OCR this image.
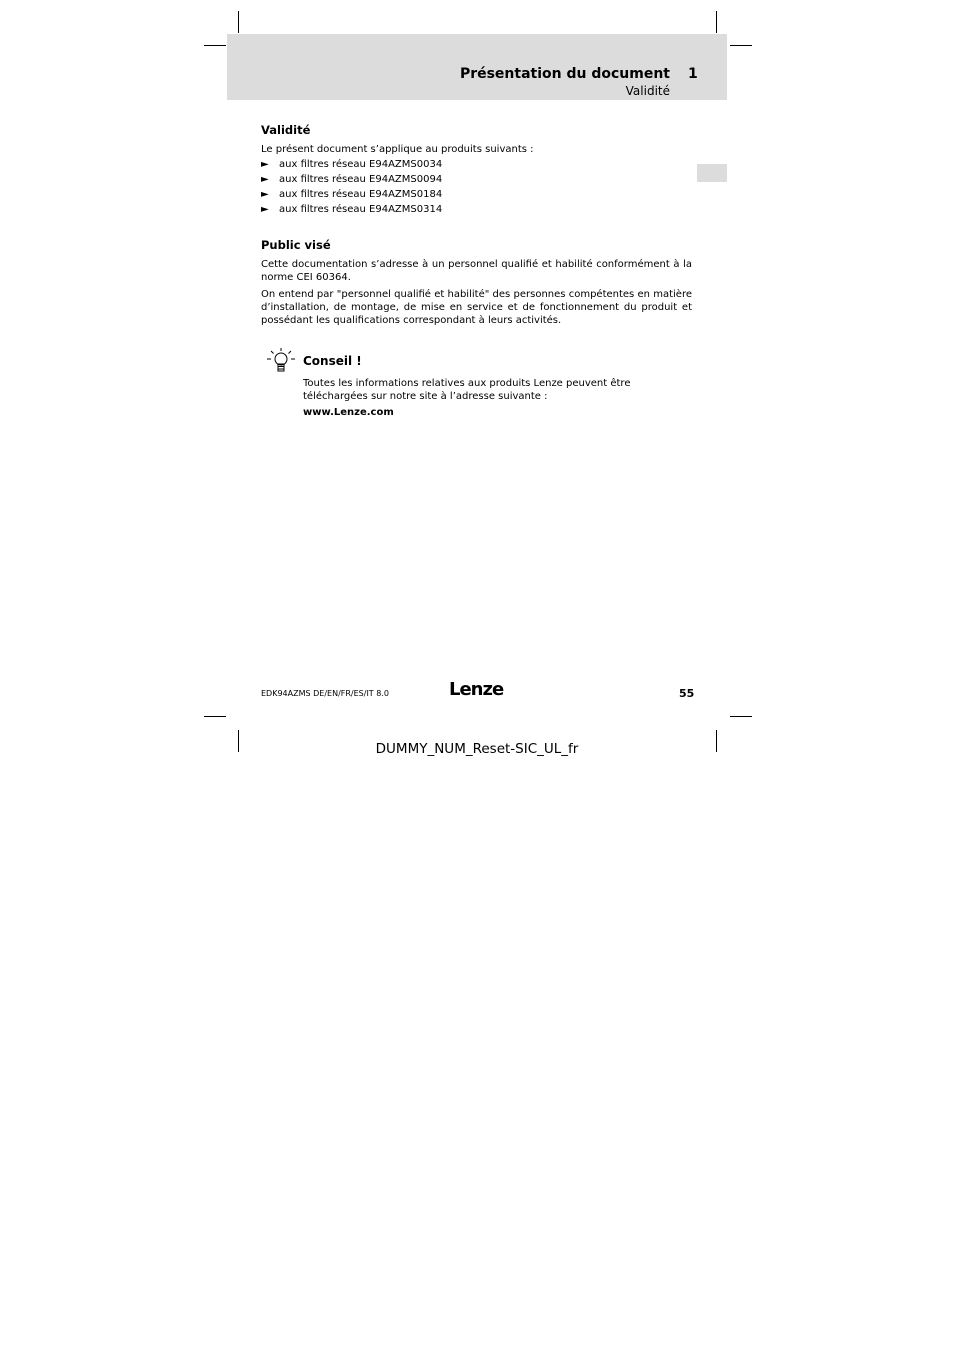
Présentation du document 1
Validité
Validité
Le présent document s’applique au produits suivants :
► aux filtres réseau E94AZMS0034
► aux filtres réseau E94AZMS0094
► aux filtres réseau E94AZMS0184
► aux filtres réseau E94AZMS0314
Public visé
Cette documentation s’adresse à un personnel qualifié et habilité conformément à la norme CEI 60364.
On entend par "personnel qualifié et habilité" des personnes compétentes en matière d’installation, de montage, de mise en service et de fonctionnement du produit et possédant les qualifications correspondant à leurs activités.
Conseil !
Toutes les informations relatives aux produits Lenze peuvent être téléchargées sur notre site à l’adresse suivante :
www.Lenze.com
EDK94AZMS DE/EN/FR/ES/IT 8.0	Lenze	55
DUMMY_NUM_Reset-SIC_UL_fr
